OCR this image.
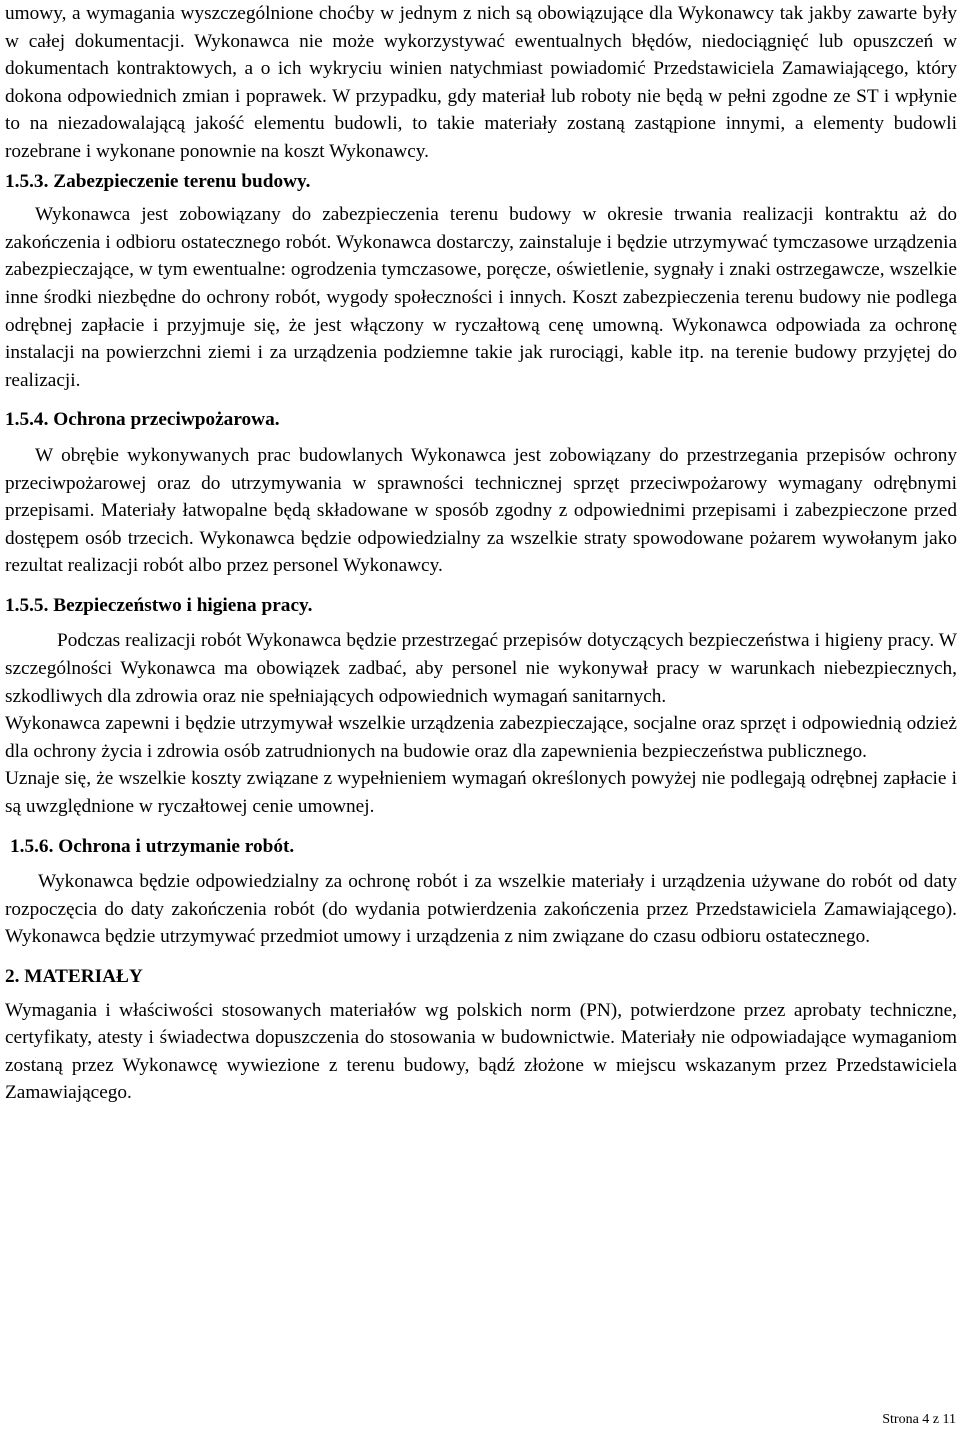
umowy, a wymagania wyszczególnione choćby w jednym z nich są obowiązujące dla Wykonawcy tak jakby zawarte były w całej dokumentacji. Wykonawca nie może wykorzystywać ewentualnych błędów, niedociągnięć lub opuszczeń w dokumentach kontraktowych, a o ich wykryciu winien natychmiast powiadomić Przedstawiciela Zamawiającego, który dokona odpowiednich zmian i poprawek. W przypadku, gdy materiał lub roboty nie będą w pełni zgodne ze ST i wpłynie to na niezadowalającą jakość elementu budowli, to takie materiały zostaną zastąpione innymi, a elementy budowli rozebrane i wykonane ponownie na koszt Wykonawcy.

1.5.3. Zabezpieczenie terenu budowy.

Wykonawca jest zobowiązany do zabezpieczenia terenu budowy w okresie trwania realizacji kontraktu aż do zakończenia i odbioru ostatecznego robót. Wykonawca dostarczy, zainstaluje i będzie utrzymywać tymczasowe urządzenia zabezpieczające, w tym ewentualne: ogrodzenia tymczasowe, poręcze, oświetlenie, sygnały i znaki ostrzegawcze, wszelkie inne środki niezbędne do ochrony robót, wygody społeczności i innych. Koszt zabezpieczenia terenu budowy nie podlega odrębnej zapłacie i przyjmuje się, że jest włączony w ryczałtową cenę umowną. Wykonawca odpowiada za ochronę instalacji na powierzchni ziemi i za urządzenia podziemne takie jak rurociągi, kable itp. na terenie budowy przyjętej do realizacji.

1.5.4. Ochrona przeciwpożarowa.

W obrębie wykonywanych prac budowlanych Wykonawca jest zobowiązany do przestrzegania przepisów ochrony przeciwpożarowej oraz do utrzymywania w sprawności technicznej sprzęt przeciwpożarowy wymagany odrębnymi przepisami. Materiały łatwopalne będą składowane w sposób zgodny z odpowiednimi przepisami i zabezpieczone przed dostępem osób trzecich. Wykonawca będzie odpowiedzialny za wszelkie straty spowodowane pożarem wywołanym jako rezultat realizacji robót albo przez personel Wykonawcy.

1.5.5. Bezpieczeństwo i higiena pracy.

Podczas realizacji robót Wykonawca będzie przestrzegać przepisów dotyczących bezpieczeństwa i higieny pracy. W szczególności Wykonawca ma obowiązek zadbać, aby personel nie wykonywał pracy w warunkach niebezpiecznych, szkodliwych dla zdrowia oraz nie spełniających odpowiednich wymagań sanitarnych.

Wykonawca zapewni i będzie utrzymywał wszelkie urządzenia zabezpieczające, socjalne oraz sprzęt i odpowiednią odzież dla ochrony życia i zdrowia osób zatrudnionych na budowie oraz dla zapewnienia bezpieczeństwa publicznego.

Uznaje się, że wszelkie koszty związane z wypełnieniem wymagań określonych powyżej nie podlegają odrębnej zapłacie i są uwzględnione w ryczałtowej cenie umownej.

1.5.6. Ochrona i utrzymanie robót.

Wykonawca będzie odpowiedzialny za ochronę robót i za wszelkie materiały i urządzenia używane do robót od daty rozpoczęcia do daty zakończenia robót (do wydania potwierdzenia zakończenia przez Przedstawiciela Zamawiającego). Wykonawca będzie utrzymywać przedmiot umowy i urządzenia z nim związane do czasu odbioru ostatecznego.

2. MATERIAŁY

Wymagania i właściwości stosowanych materiałów wg polskich norm (PN), potwierdzone przez aprobaty techniczne, certyfikaty, atesty i świadectwa dopuszczenia do stosowania w budownictwie. Materiały nie odpowiadające wymaganiom zostaną przez Wykonawcę wywiezione z terenu budowy, bądź złożone w miejscu wskazanym przez Przedstawiciela Zamawiającego.

Strona 4 z 11
